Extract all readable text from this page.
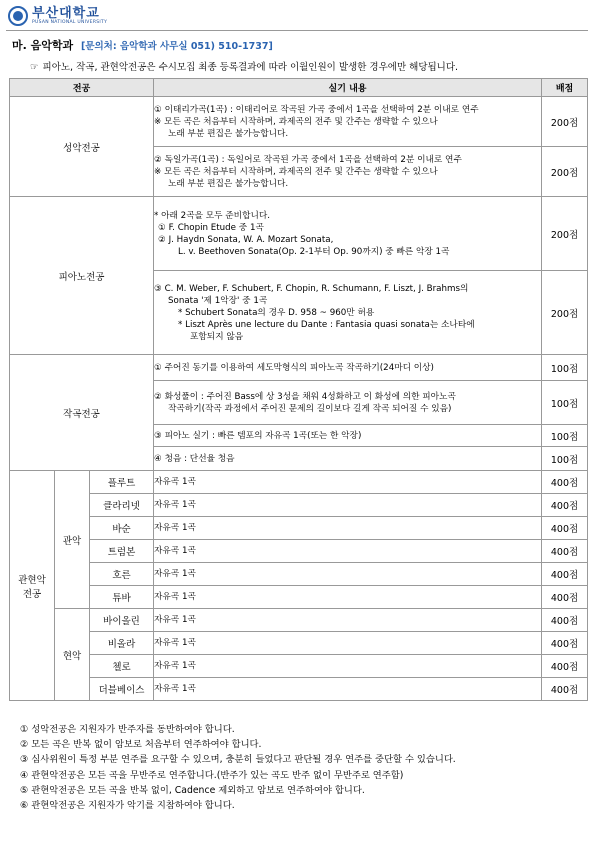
부산대학교
PUSAN NATIONAL UNIVERSITY
마. 음악학과 [문의처: 음악학과 사무실 051) 510-1737]
☞ 피아노, 작곡, 관현악전공은 수시모집 최종 등록결과에 따라 이월인원이 발생한 경우에만 해당됩니다.
전공			실기 내용	배점
성악전공			① 이태리가곡(1곡) : 이태리어로 작곡된 가곡 중에서 1곡을 선택하여 2분 이내로 연주
※ 모든 곡은 처음부터 시작하며, 과제곡의 전주 및 간주는 생략할 수 있으나
노래 부분 편집은 불가능합니다.	200점

			② 독일가곡(1곡) : 독일어로 작곡된 가곡 중에서 1곡을 선택하여 2분 이내로 연주
※ 모든 곡은 처음부터 시작하며, 과제곡의 전주 및 간주는 생략할 수 있으나
노래 부분 편집은 불가능합니다.	200점
피아노전공			* 아래 2곡을 모두 준비합니다.
① F. Chopin Etude 중 1곡
② J. Haydn Sonata, W. A. Mozart Sonata,
L. v. Beethoven Sonata(Op. 2-1부터 Op. 90까지) 중 빠른 악장 1곡	200점

			③ C. M. Weber, F. Schubert, F. Chopin, R. Schumann, F. Liszt, J. Brahms의
Sonata '제 1악장' 중 1곡
* Schubert Sonata의 경우 D. 958 ~ 960만 허용
* Liszt Après une lecture du Dante : Fantasia quasi sonata는 소나타에
포함되지 않음	200점
작곡전공			① 주어진 동기를 이용하여 세도막형식의 피아노곡 작곡하기(24마디 이상)	100점

			② 화성풀이 : 주어진 Bass에 상 3성을 채워 4성화하고 이 화성에 의한 피아노곡
작곡하기(작곡 과정에서 주어진 문제의 길이보다 길게 작곡 되어질 수 있음)	100점

			③ 피아노 실기 : 빠른 템포의 자유곡 1곡(또는 한 악장)	100점

			④ 청음 : 단선율 청음	100점

관현악
전공	관악	플루트	자유곡 1곡	400점
		클라리넷	자유곡 1곡	400점
		바순	자유곡 1곡	400점
		트럼본	자유곡 1곡	400점
		호른	자유곡 1곡	400점
		튜바	자유곡 1곡	400점
	현악	바이올린	자유곡 1곡	400점
		비올라	자유곡 1곡	400점
		첼로	자유곡 1곡	400점
		더블베이스	자유곡 1곡	400점
① 성악전공은 지원자가 반주자를 동반하여야 합니다.
② 모든 곡은 반복 없이 암보로 처음부터 연주하여야 합니다.
③ 심사위원이 특정 부분 연주를 요구할 수 있으며, 충분히 들었다고 판단될 경우 연주를 중단할 수 있습니다.
④ 관현악전공은 모든 곡을 무반주로 연주합니다.(반주가 있는 곡도 반주 없이 무반주로 연주함)
⑤ 관현악전공은 모든 곡을 반복 없이, Cadence 제외하고 암보로 연주하여야 합니다.
⑥ 관현악전공은 지원자가 악기를 지참하여야 합니다.
